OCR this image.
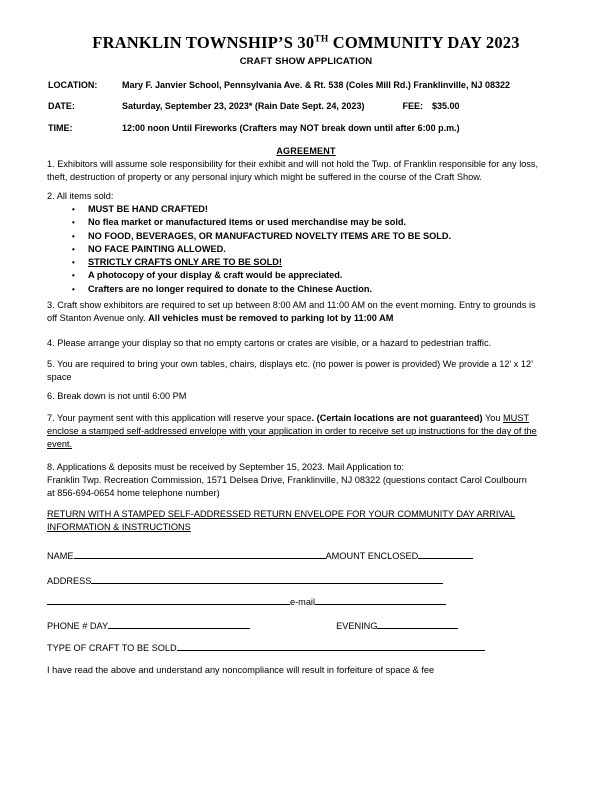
FRANKLIN TOWNSHIP’S 30TH COMMUNITY DAY 2023
CRAFT SHOW APPLICATION
LOCATION:	Mary F. Janvier School, Pennsylvania Ave. & Rt. 538 (Coles Mill Rd.) Franklinville, NJ 08322
DATE:	Saturday, September 23, 2023* (Rain Date Sept. 24, 2023)	FEE: $35.00
TIME:	12:00 noon Until Fireworks (Crafters may NOT break down until after 6:00 p.m.)
AGREEMENT
1. Exhibitors will assume sole responsibility for their exhibit and will not hold the Twp. of Franklin responsible for any loss, theft, destruction of property or any personal injury which might be suffered in the course of the Craft Show.
2. All items sold:
• MUST BE HAND CRAFTED!
• No flea market or manufactured items or used merchandise may be sold.
• NO FOOD, BEVERAGES, OR MANUFACTURED NOVELTY ITEMS ARE TO BE SOLD.
• NO FACE PAINTING ALLOWED.
• STRICTLY CRAFTS ONLY ARE TO BE SOLD!
• A photocopy of your display & craft would be appreciated.
• Crafters are no longer required to donate to the Chinese Auction.
3. Craft show exhibitors are required to set up between 8:00 AM and 11:00 AM on the event morning. Entry to grounds is off Stanton Avenue only. All vehicles must be removed to parking lot by 11:00 AM
4. Please arrange your display so that no empty cartons or crates are visible, or a hazard to pedestrian traffic.
5. You are required to bring your own tables, chairs, displays etc. (no power is power is provided) We provide a 12’ x 12’ space
6. Break down is not until 6:00 PM
7. Your payment sent with this application will reserve your space. (Certain locations are not guaranteed) You MUST enclose a stamped self-addressed envelope with your application in order to receive set up instructions for the day of the event.
8. Applications & deposits must be received by September 15, 2023. Mail Application to:
Franklin Twp. Recreation Commission, 1571 Delsea Drive, Franklinville, NJ 08322 (questions contact Carol Coulbourn
at 856-694-0654 home telephone number)
RETURN WITH A STAMPED SELF-ADDRESSED RETURN ENVELOPE FOR YOUR COMMUNITY DAY ARRIVAL INFORMATION & INSTRUCTIONS
NAME	AMOUNT ENCLOSED
ADDRESS
e-mail
PHONE # DAY	EVENING
TYPE OF CRAFT TO BE SOLD
I have read the above and understand any noncompliance will result in forfeiture of space & fee
